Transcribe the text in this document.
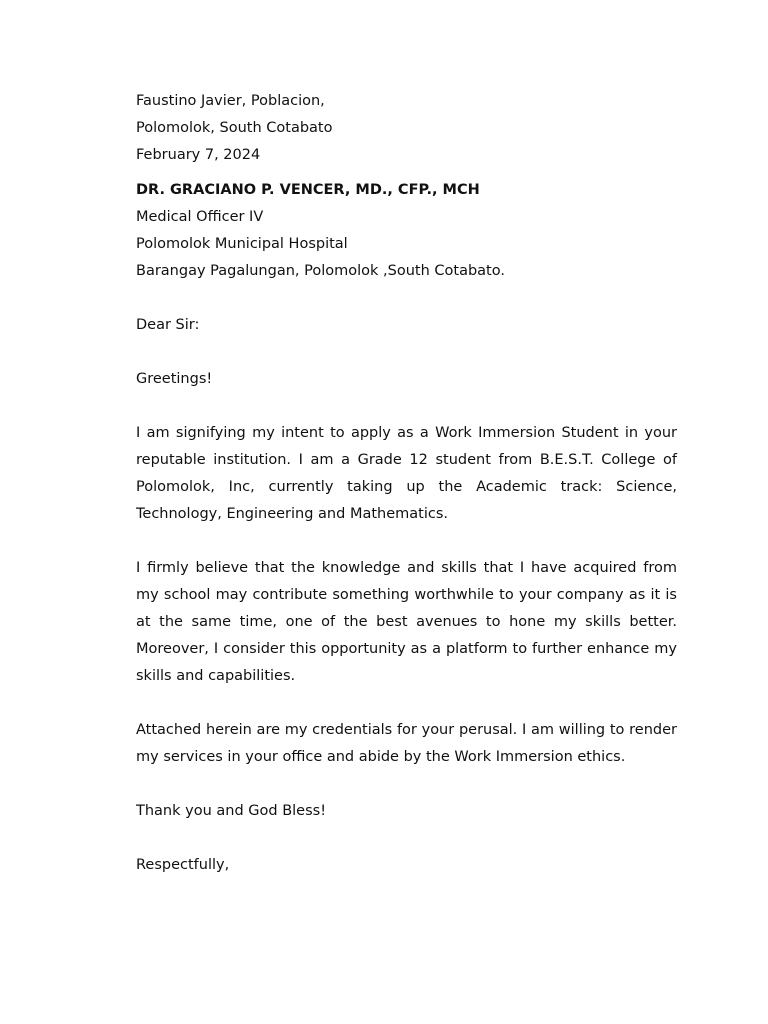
Faustino Javier, Poblacion,
Polomolok, South Cotabato
February 7, 2024
DR. GRACIANO P. VENCER, MD., CFP., MCH
Medical Officer IV
Polomolok Municipal Hospital
Barangay Pagalungan, Polomolok ,South Cotabato.

Dear Sir:

Greetings!

I am signifying my intent to apply as a Work Immersion Student in your reputable institution. I am a Grade 12 student from B.E.S.T. College of Polomolok, Inc, currently taking up the Academic track: Science, Technology, Engineering and Mathematics.

I firmly believe that the knowledge and skills that I have acquired from my school may contribute something worthwhile to your company as it is at the same time, one of the best avenues to hone my skills better. Moreover, I consider this opportunity as a platform to further enhance my skills and capabilities.

Attached herein are my credentials for your perusal. I am willing to render my services in your office and abide by the Work Immersion ethics.

Thank you and God Bless!

Respectfully,
